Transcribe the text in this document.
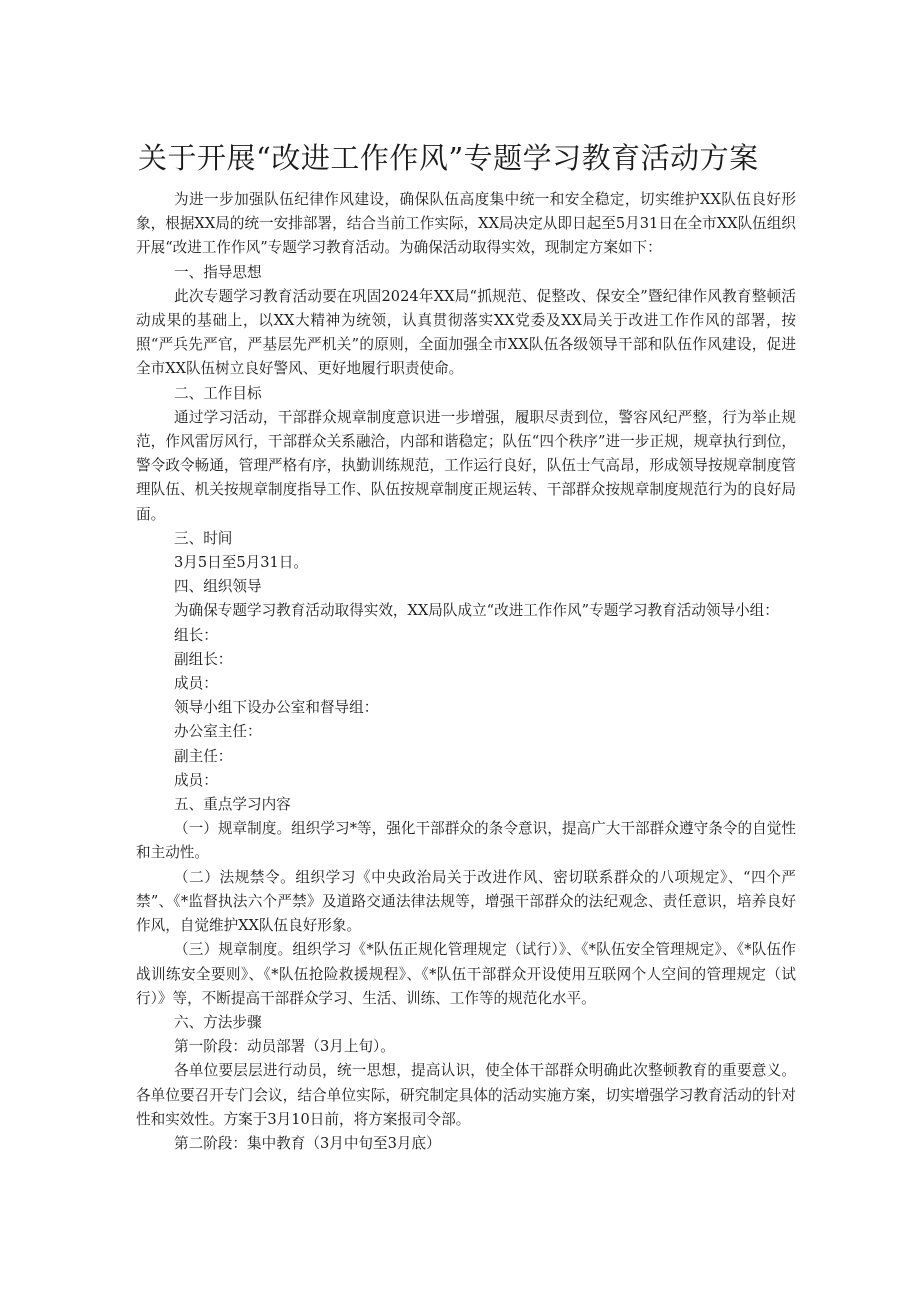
关于开展“改进工作作风”专题学习教育活动方案

为进一步加强队伍纪律作风建设，确保队伍高度集中统一和安全稳定，切实维护XX队伍良好形象，根据XX局的统一安排部署，结合当前工作实际，XX局决定从即日起至5月31日在全市XX队伍组织开展“改进工作作风”专题学习教育活动。为确保活动取得实效，现制定方案如下：

一、指导思想

此次专题学习教育活动要在巩固2024年XX局“抓规范、促整改、保安全”暨纪律作风教育整顿活动成果的基础上，以XX大精神为统领，认真贯彻落实XX党委及XX局关于改进工作作风的部署，按照“严兵先严官，严基层先严机关”的原则，全面加强全市XX队伍各级领导干部和队伍作风建设，促进全市XX队伍树立良好警风、更好地履行职责使命。

二、工作目标

通过学习活动，干部群众规章制度意识进一步增强，履职尽责到位，警容风纪严整，行为举止规范，作风雷厉风行，干部群众关系融洽，内部和谐稳定；队伍“四个秩序”进一步正规，规章执行到位，警令政令畅通，管理严格有序，执勤训练规范，工作运行良好，队伍士气高昂，形成领导按规章制度管理队伍、机关按规章制度指导工作、队伍按规章制度正规运转、干部群众按规章制度规范行为的良好局面。

三、时间

3月5日至5月31日。

四、组织领导

为确保专题学习教育活动取得实效，XX局队成立“改进工作作风”专题学习教育活动领导小组：

组长：

副组长：

成员：

领导小组下设办公室和督导组：

办公室主任：

副主任：

成员：

五、重点学习内容

（一）规章制度。组织学习*等，强化干部群众的条令意识，提高广大干部群众遵守条令的自觉性和主动性。

（二）法规禁令。组织学习《中央政治局关于改进作风、密切联系群众的八项规定》、“四个严禁”、《*监督执法六个严禁》及道路交通法律法规等，增强干部群众的法纪观念、责任意识，培养良好作风，自觉维护XX队伍良好形象。

（三）规章制度。组织学习《*队伍正规化管理规定（试行）》、《*队伍安全管理规定》、《*队伍作战训练安全要则》、《*队伍抢险救援规程》、《*队伍干部群众开设使用互联网个人空间的管理规定（试行）》等，不断提高干部群众学习、生活、训练、工作等的规范化水平。

六、方法步骤

第一阶段：动员部署（3月上旬）。

各单位要层层进行动员，统一思想，提高认识，使全体干部群众明确此次整顿教育的重要意义。各单位要召开专门会议，结合单位实际，研究制定具体的活动实施方案，切实增强学习教育活动的针对性和实效性。方案于3月10日前，将方案报司令部。

第二阶段：集中教育（3月中旬至3月底）
